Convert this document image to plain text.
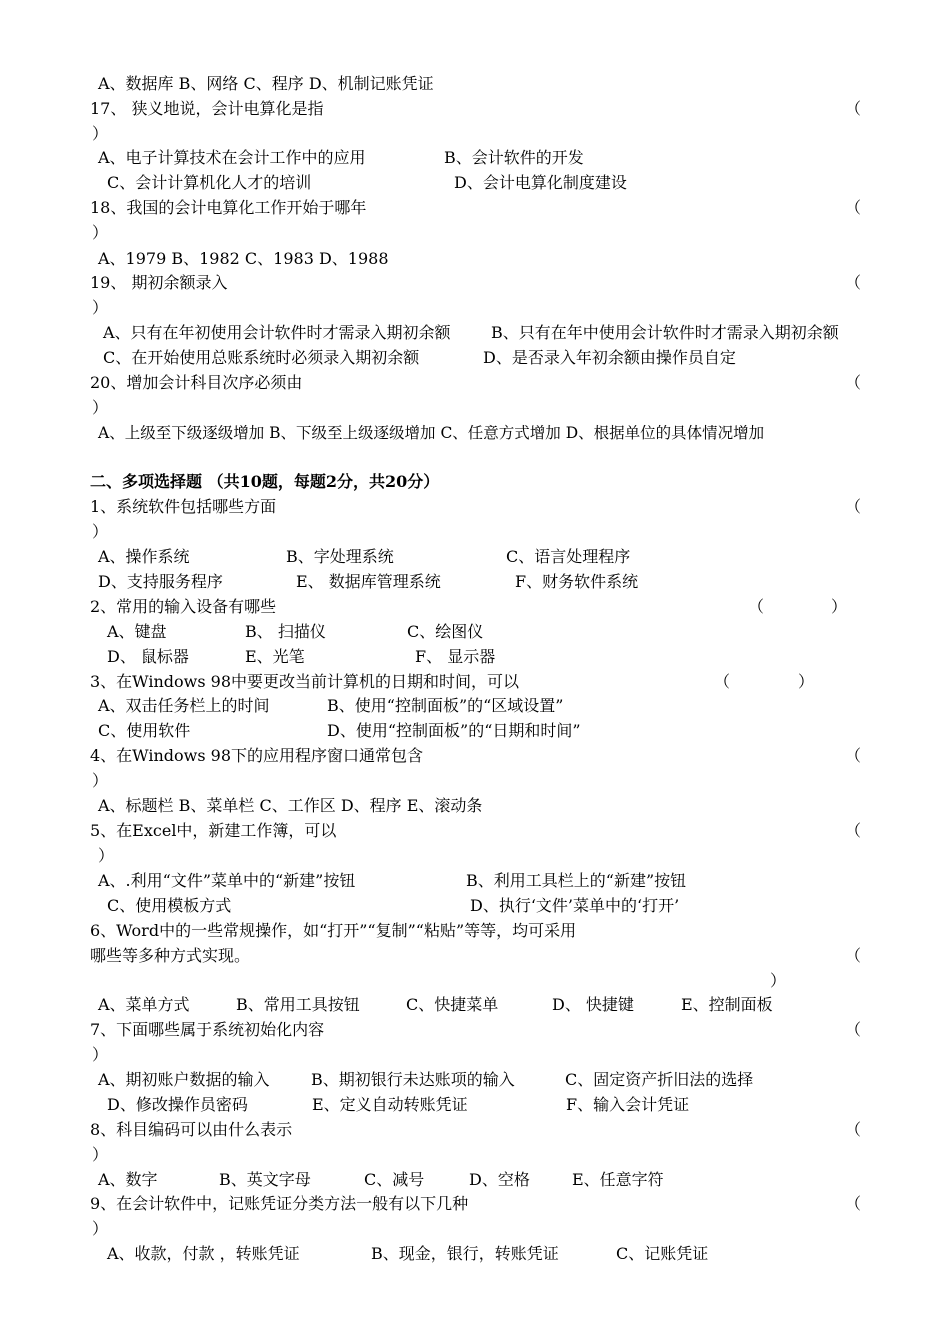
A、数据库 B、网络 C、程序 D、机制记账凭证
17、 狭义地说，会计电算化是指	（
）
A、电子计算技术在会计工作中的应用	B、会计软件的开发
C、会计计算机化人才的培训	D、会计电算化制度建设
18、我国的会计电算化工作开始于哪年	（
）
A、1979 B、1982 C、1983 D、1988
19、 期初余额录入	（
）
A、只有在年初使用会计软件时才需录入期初余额	B、只有在年中使用会计软件时才需录入期初余额
C、在开始使用总账系统时必须录入期初余额	D、是否录入年初余额由操作员自定
20、增加会计科目次序必须由	（
）
A、上级至下级逐级增加 B、下级至上级逐级增加 C、任意方式增加 D、根据单位的具体情况增加
二、多项选择题 （共10题，每题2分，共20分）
1、系统软件包括哪些方面	（
）
A、操作系统	B、字处理系统	C、语言处理程序
D、支持服务程序	E、 数据库管理系统	F、财务软件系统
2、常用的输入设备有哪些	（	）
A、键盘	B、 扫描仪	C、绘图仪
D、 鼠标器	E、光笔	F、 显示器
3、在Windows 98中要更改当前计算机的日期和时间，可以	（	）
A、双击任务栏上的时间	B、使用“控制面板”的“区域设置”
C、使用软件	D、使用“控制面板”的“日期和时间”
4、在Windows 98下的应用程序窗口通常包含	（
）
A、标题栏 B、菜单栏 C、工作区 D、程序 E、滚动条
5、在Excel中，新建工作簿，可以	（
）
A、.利用“文件”菜单中的“新建”按钮	B、利用工具栏上的“新建”按钮
C、使用模板方式	D、执行‘文件’菜单中的‘打开’
6、Word中的一些常规操作，如“打开”“复制”“粘贴”等等，均可采用
哪些等多种方式实现。	（
）
A、菜单方式	B、常用工具按钮	C、快捷菜单	D、 快捷键	E、控制面板
7、下面哪些属于系统初始化内容	（
）
A、期初账户数据的输入	B、期初银行未达账项的输入	C、固定资产折旧法的选择
D、修改操作员密码	E、定义自动转账凭证	F、输入会计凭证
8、科目编码可以由什么表示	（
）
A、数字	B、英文字母	C、减号	D、空格	E、任意字符
9、在会计软件中，记账凭证分类方法一般有以下几种	（
）
A、收款，付款 ，转账凭证	B、现金，银行，转账凭证	C、记账凭证
